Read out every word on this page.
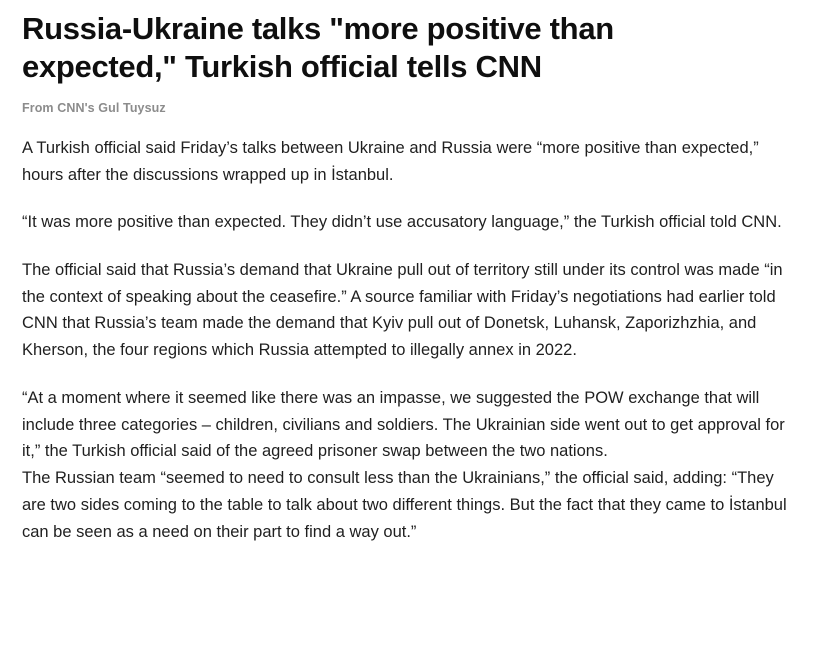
Russia-Ukraine talks "more positive than expected," Turkish official tells CNN
From CNN's Gul Tuysuz

A Turkish official said Friday’s talks between Ukraine and Russia were “more positive than expected,” hours after the discussions wrapped up in İstanbul.

“It was more positive than expected. They didn’t use accusatory language,” the Turkish official told CNN.

The official said that Russia’s demand that Ukraine pull out of territory still under its control was made “in the context of speaking about the ceasefire.” A source familiar with Friday’s negotiations had earlier told CNN that Russia’s team made the demand that Kyiv pull out of Donetsk, Luhansk, Zaporizhzhia, and Kherson, the four regions which Russia attempted to illegally annex in 2022.

“At a moment where it seemed like there was an impasse, we suggested the POW exchange that will include three categories – children, civilians and soldiers. The Ukrainian side went out to get approval for it,” the Turkish official said of the agreed prisoner swap between the two nations.

The Russian team “seemed to need to consult less than the Ukrainians,” the official said, adding: “They are two sides coming to the table to talk about two different things. But the fact that they came to İstanbul can be seen as a need on their part to find a way out.”
